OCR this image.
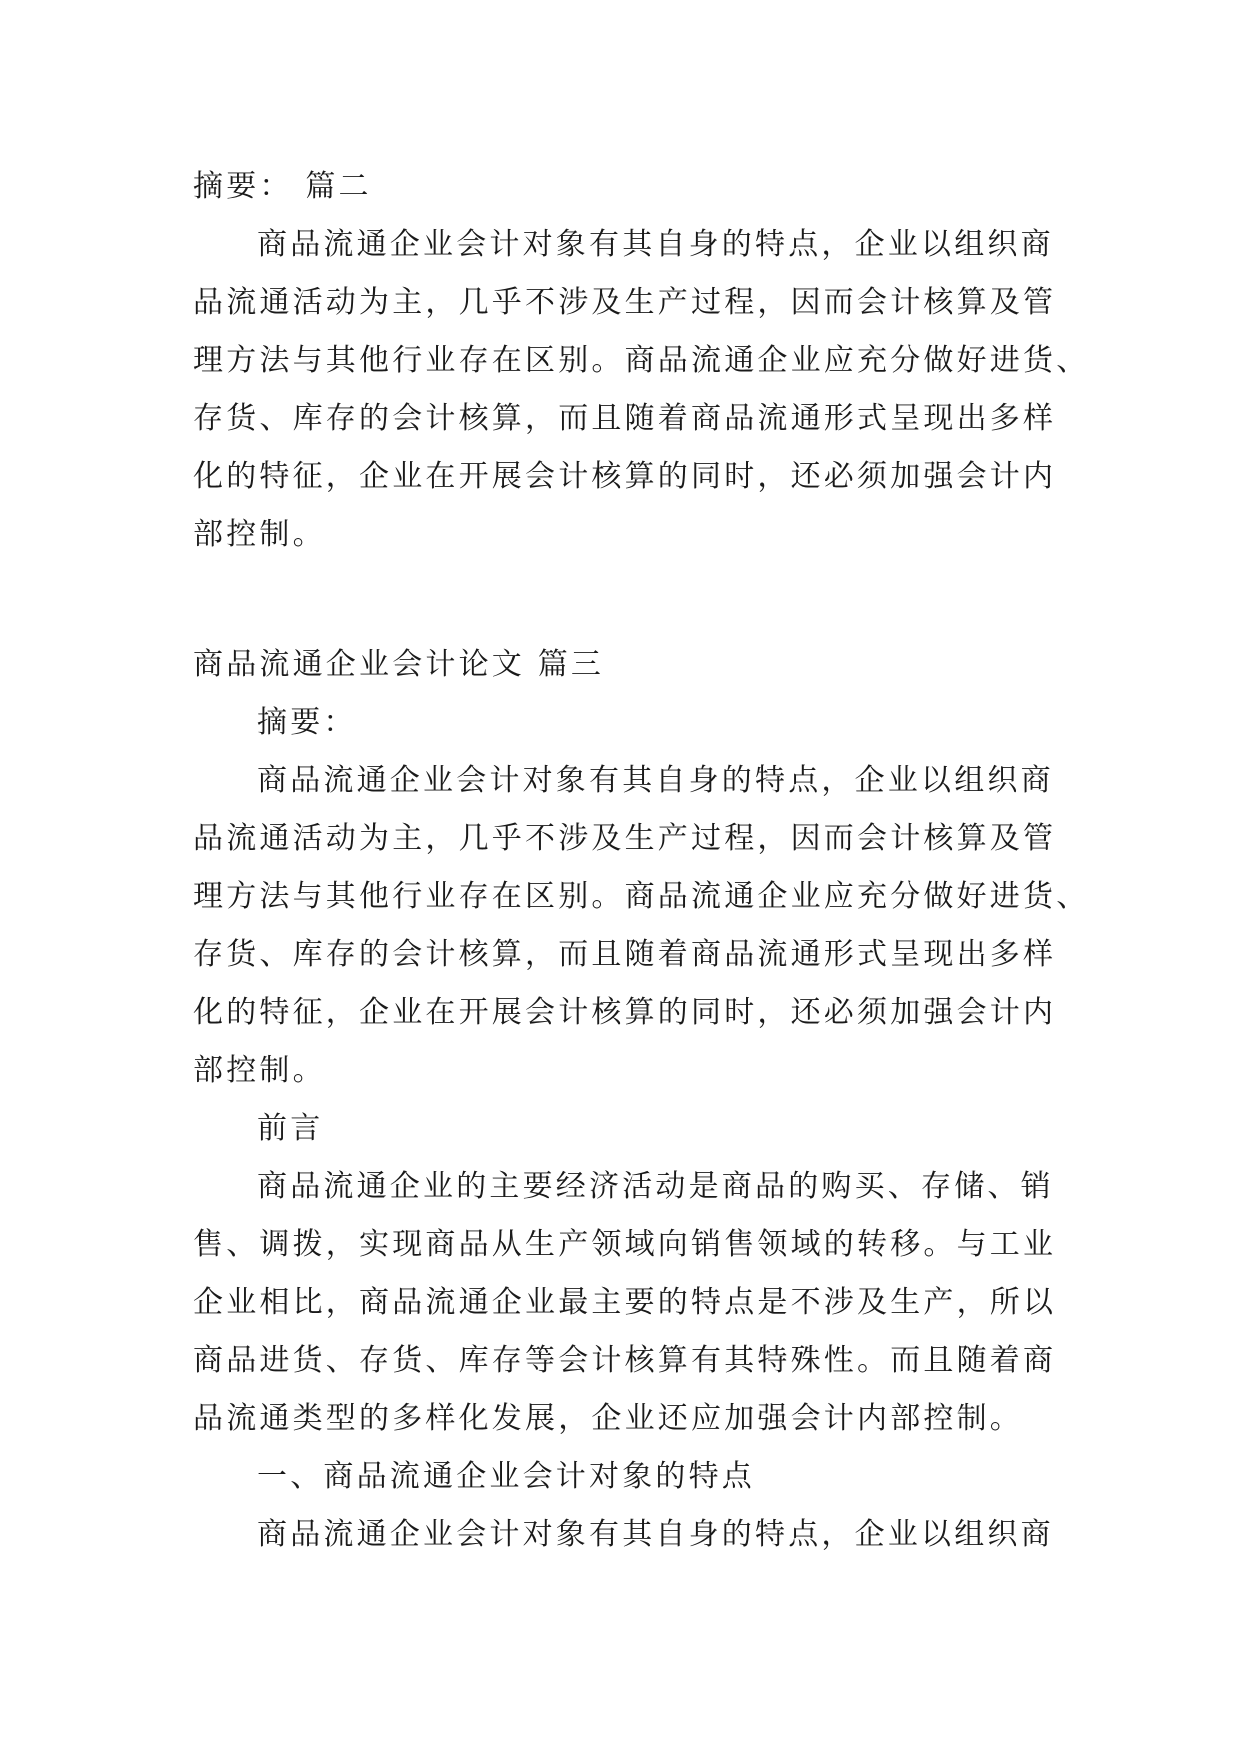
摘要： 篇二

商品流通企业会计对象有其自身的特点，企业以组织商

品流通活动为主，几乎不涉及生产过程，因而会计核算及管

理方法与其他行业存在区别。商品流通企业应充分做好进货、

存货、库存的会计核算，而且随着商品流通形式呈现出多样

化的特征，企业在开展会计核算的同时，还必须加强会计内

部控制。

商品流通企业会计论文 篇三

摘要：

商品流通企业会计对象有其自身的特点，企业以组织商

品流通活动为主，几乎不涉及生产过程，因而会计核算及管

理方法与其他行业存在区别。商品流通企业应充分做好进货、

存货、库存的会计核算，而且随着商品流通形式呈现出多样

化的特征，企业在开展会计核算的同时，还必须加强会计内

部控制。

前言

商品流通企业的主要经济活动是商品的购买、存储、销

售、调拨，实现商品从生产领域向销售领域的转移。与工业

企业相比，商品流通企业最主要的特点是不涉及生产，所以

商品进货、存货、库存等会计核算有其特殊性。而且随着商

品流通类型的多样化发展，企业还应加强会计内部控制。

一、商品流通企业会计对象的特点

商品流通企业会计对象有其自身的特点，企业以组织商
